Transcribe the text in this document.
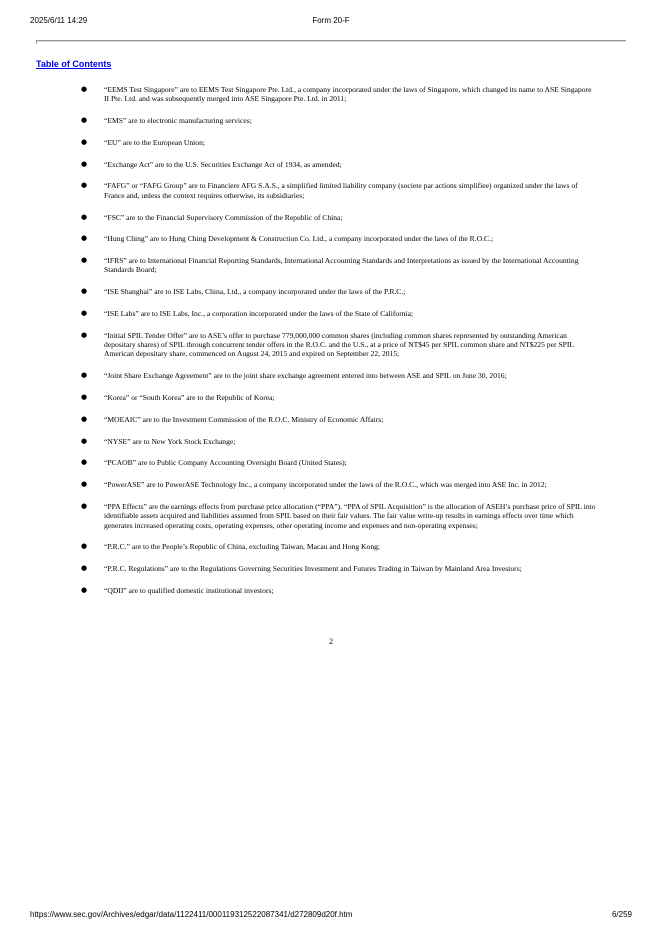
2025/6/11 14:29	Form 20-F
Table of Contents
● “EEMS Test Singapore” are to EEMS Test Singapore Pte. Ltd., a company incorporated under the laws of Singapore, which changed its name to ASE Singapore II Pte. Ltd. and was subsequently merged into ASE Singapore Pte. Ltd. in 2011;
● “EMS” are to electronic manufacturing services;
● “EU” are to the European Union;
● “Exchange Act” are to the U.S. Securities Exchange Act of 1934, as amended;
● “FAFG” or “FAFG Group” are to Financiere AFG S.A.S., a simplified limited liability company (societe par actions simplifiee) organized under the laws of France and, unless the context requires otherwise, its subsidiaries;
● “FSC” are to the Financial Supervisory Commission of the Republic of China;
● “Hung Ching” are to Hung Ching Development & Construction Co. Ltd., a company incorporated under the laws of the R.O.C.;
● “IFRS” are to International Financial Reporting Standards, International Accounting Standards and Interpretations as issued by the International Accounting Standards Board;
● “ISE Shanghai” are to ISE Labs, China, Ltd., a company incorporated under the laws of the P.R.C.;
● “ISE Labs” are to ISE Labs, Inc., a corporation incorporated under the laws of the State of California;
● “Initial SPIL Tender Offer” are to ASE’s offer to purchase 779,000,000 common shares (including common shares represented by outstanding American depositary shares) of SPIL through concurrent tender offers in the R.O.C. and the U.S., at a price of NT$45 per SPIL common share and NT$225 per SPIL American depositary share, commenced on August 24, 2015 and expired on September 22, 2015;
● “Joint Share Exchange Agreement” are to the joint share exchange agreement entered into between ASE and SPIL on June 30, 2016;
● “Korea” or “South Korea” are to the Republic of Korea;
● “MOEAIC” are to the Investment Commission of the R.O.C. Ministry of Economic Affairs;
● “NYSE” are to New York Stock Exchange;
● “PCAOB” are to Public Company Accounting Oversight Board (United States);
● “PowerASE” are to PowerASE Technology Inc., a company incorporated under the laws of the R.O.C., which was merged into ASE Inc. in 2012;
● “PPA Effects” are the earnings effects from purchase price allocation (“PPA”). “PPA of SPIL Acquisition” is the allocation of ASEH’s purchase price of SPIL into identifiable assets acquired and liabilities assumed from SPIL based on their fair values. The fair value write-up results in earnings effects over time which generates increased operating costs, operating expenses, other operating income and expenses and non-operating expenses;
● “P.R.C.” are to the People’s Republic of China, excluding Taiwan, Macau and Hong Kong;
● “P.R.C. Regulations” are to the Regulations Governing Securities Investment and Futures Trading in Taiwan by Mainland Area Investors;
● “QDII” are to qualified domestic institutional investors;
2
https://www.sec.gov/Archives/edgar/data/1122411/000119312522087341/d272809d20f.htm	6/259
